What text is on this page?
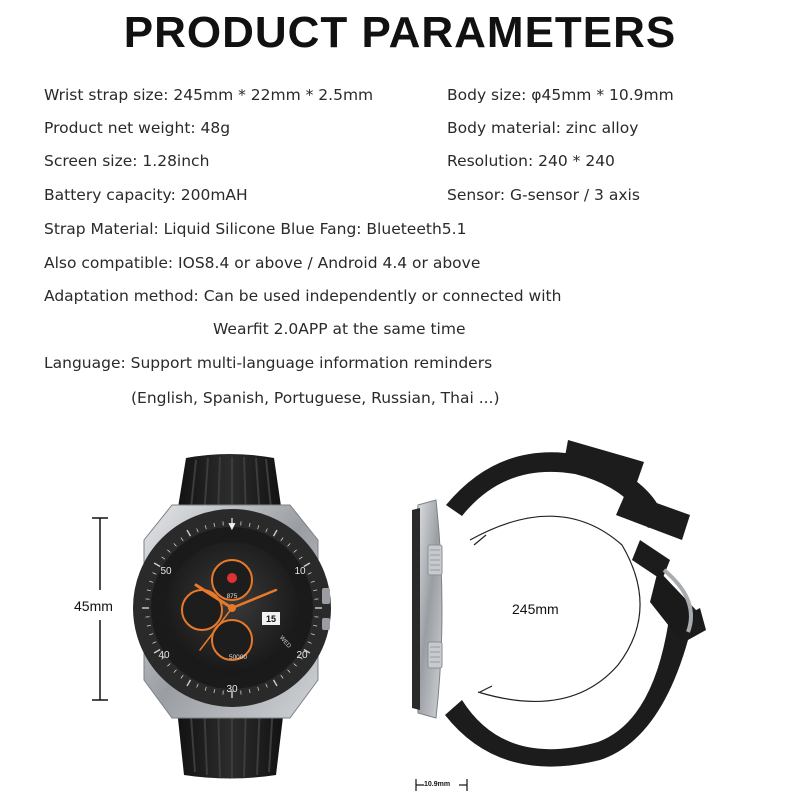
PRODUCT PARAMETERS
Wrist strap size: 245mm * 22mm * 2.5mm	Body size: φ45mm * 10.9mm
Product net weight: 48g	Body material: zinc alloy
Screen size: 1.28inch	Resolution: 240 * 240
Battery capacity: 200mAH	Sensor: G-sensor / 3 axis
Strap Material: Liquid Silicone Blue Fang: Blueteeth5.1
Also compatible: IOS8.4 or above / Android 4.4 or above
Adaptation method: Can be used independently or connected with
Wearfit 2.0APP at the same time
Language: Support multi-language information reminders
(English, Spanish, Portuguese, Russian, Thai ...)
▼
50	10
40	20
30
875
50000
15
WED
45mm	245mm
10.9mm
